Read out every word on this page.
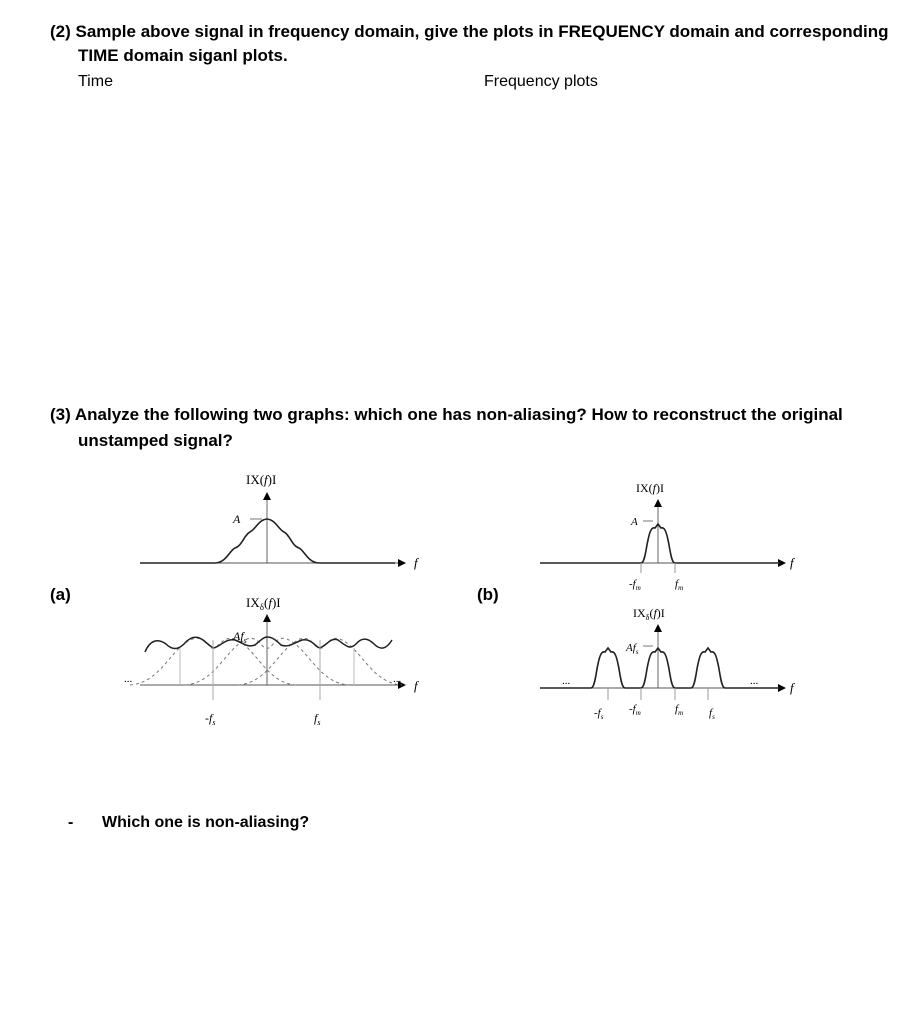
(2) Sample above signal in frequency domain, give the plots in FREQUENCY domain and corresponding
TIME domain siganl plots.
Time	Frequency plots
(3) Analyze the following two graphs: which one has non-aliasing? How to reconstruct the original
unstamped signal?
(a)	(b)
IX(f)I
A
f
$IX_\delta(f)I$
$Af_s$
...	... f
$-f_s$	$f_s$
IX(f)I
A
f
$-f_m$	$f_m$
$IX_\delta(f)I$
$Af_s$
...	... f
$-f_s$
$-f_m$	$f_m$ $f_s$
- Which one is non-aliasing?
